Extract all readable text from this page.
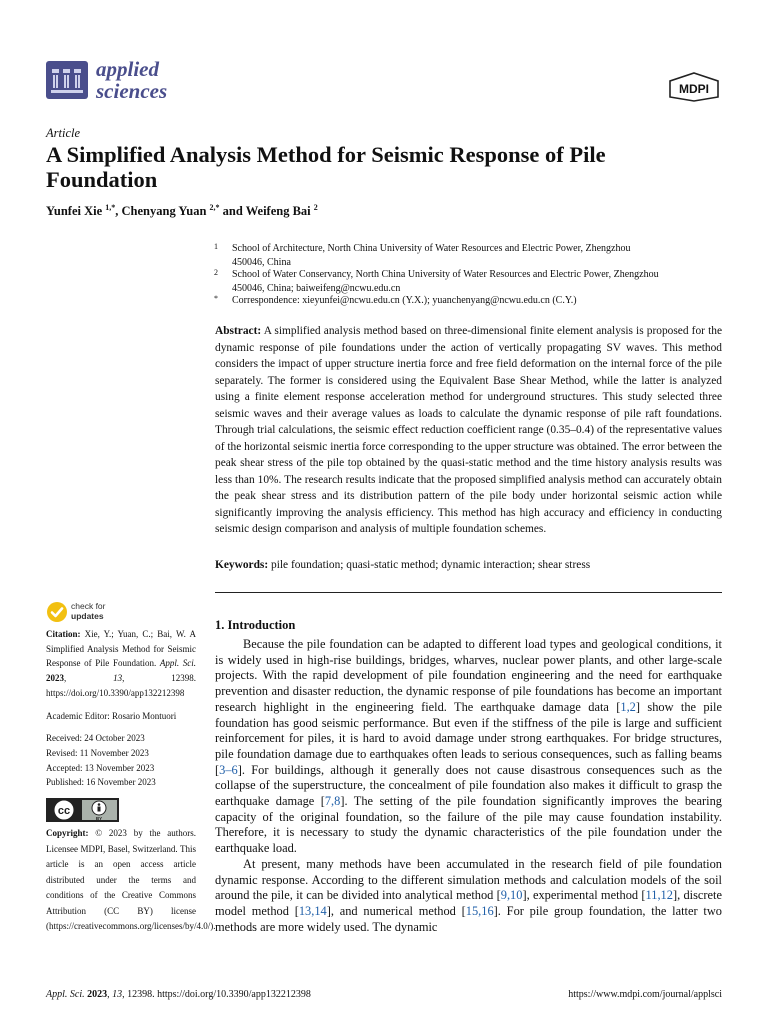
applied
sciences	MDPI
Article
A Simplified Analysis Method for Seismic Response of Pile Foundation
Yunfei Xie $^{1,*}$, Chenyang Yuan $^{2,*}$ and Weifeng Bai $^2$
1 School of Architecture, North China University of Water Resources and Electric Power, Zhengzhou 450046, China
2 School of Water Conservancy, North China University of Water Resources and Electric Power, Zhengzhou 450046, China; baiweifeng@ncwu.edu.cn
* Correspondence: xieyunfei@ncwu.edu.cn (Y.X.); yuanchenyang@ncwu.edu.cn (C.Y.)
Abstract: A simplified analysis method based on three-dimensional finite element analysis is proposed for the dynamic response of pile foundations under the action of vertically propagating SV waves. This method considers the impact of upper structure inertia force and free field deformation on the internal force of the pile separately. The former is considered using the Equivalent Base Shear Method, while the latter is analyzed using a finite element response acceleration method for underground structures. This study selected three seismic waves and their average values as loads to calculate the dynamic response of pile raft foundations. Through trial calculations, the seismic effect reduction coefficient range (0.35–0.4) of the representative values of the horizontal seismic inertia force corresponding to the upper structure was obtained. The error between the peak shear stress of the pile top obtained by the quasi-static method and the time history analysis results was less than 10%. The research results indicate that the proposed simplified analysis method can accurately obtain the peak shear stress and its distribution pattern of the pile body under horizontal seismic action while significantly improving the analysis efficiency. This method has high accuracy and efficiency in conducting seismic design comparison and analysis of multiple foundation schemes.
Keywords: pile foundation; quasi-static method; dynamic interaction; shear stress
check for
updates

Citation: Xie, Y.; Yuan, C.; Bai, W. A Simplified Analysis Method for Seismic Response of Pile Foundation. Appl. Sci. 2023, 13, 12398. https://doi.org/10.3390/app132212398

Academic Editor: Rosario Montuori

Received: 24 October 2023

Revised: 11 November 2023

Accepted: 13 November 2023

Published: 16 November 2023

cc
BY
Copyright: © 2023 by the authors. Licensee MDPI, Basel, Switzerland. This article is an open access article distributed under the terms and conditions of the Creative Commons Attribution (CC BY) license (https://creativecommons.org/licenses/by/4.0/).
1. Introduction

Because the pile foundation can be adapted to different load types and geological conditions, it is widely used in high-rise buildings, bridges, wharves, nuclear power plants, and other large-scale projects. With the rapid development of pile foundation engineering and the need for earthquake prevention and disaster reduction, the dynamic response of pile foundations has become an important research highlight in the engineering field. The earthquake damage data [1,2] show the pile foundation has good seismic performance. But even if the stiffness of the pile is large and sufficient reinforcement for piles, it is hard to avoid damage under strong earthquakes. For bridge structures, pile foundation damage due to earthquakes often leads to serious consequences, such as falling beams [3–6]. For buildings, although it generally does not cause disastrous consequences such as the collapse of the superstructure, the concealment of pile foundation also makes it difficult to grasp the earthquake damage [7,8]. The setting of the pile foundation significantly improves the bearing capacity of the original foundation, so the failure of the pile may cause foundation instability. Therefore, it is necessary to study the dynamic characteristics of the pile foundation under the earthquake load.

At present, many methods have been accumulated in the research field of pile foundation dynamic response. According to the different simulation methods and calculation models of the soil around the pile, it can be divided into analytical method [9,10], experimental method [11,12], discrete model method [13,14], and numerical method [15,16]. For pile group foundation, the latter two methods are more widely used. The dynamic

Appl. Sci. 2023, 13, 12398. https://doi.org/10.3390/app132212398	https://www.mdpi.com/journal/applsci
